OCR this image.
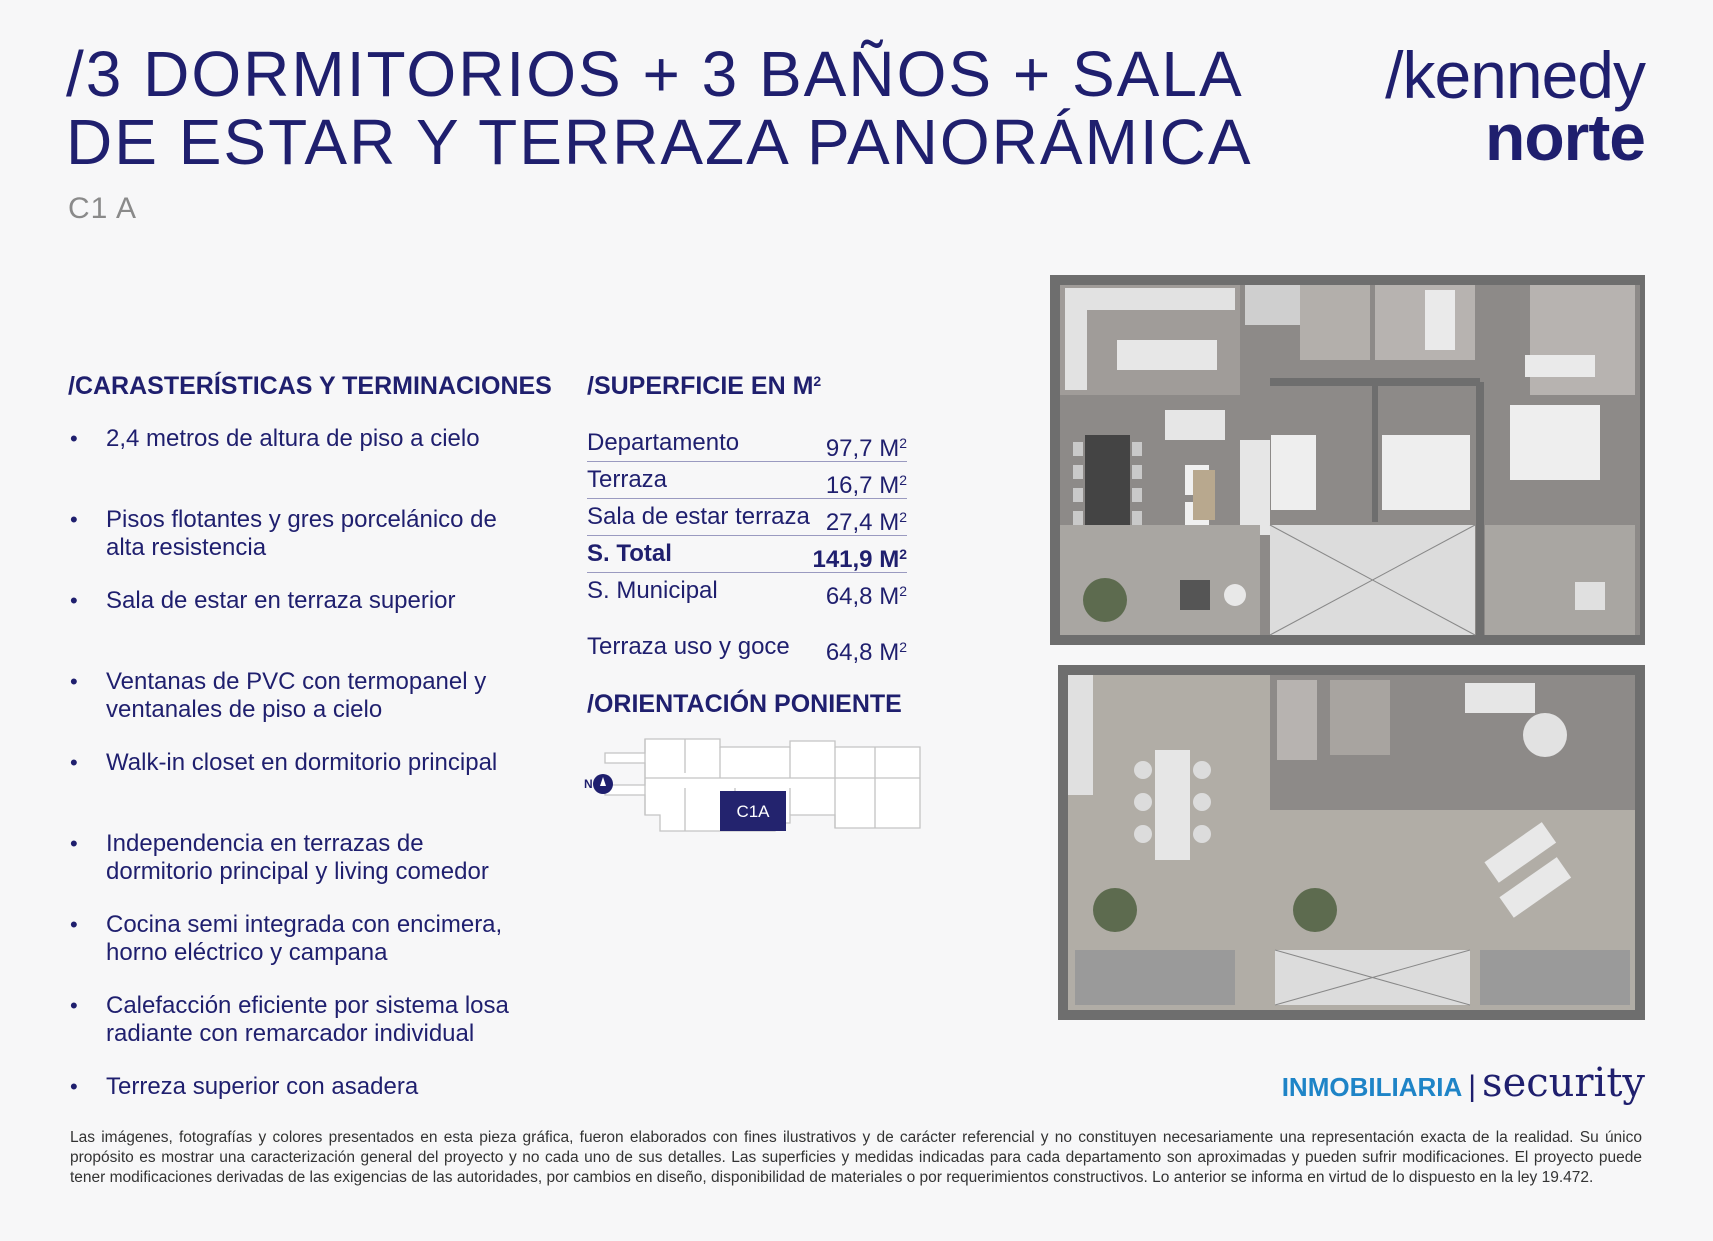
/3 DORMITORIOS + 3 BAÑOS + SALA
DE ESTAR Y TERRAZA PANORÁMICA
C1 A
/kennedy
norte
/CARASTERÍSTICAS Y TERMINACIONES
• 2,4 metros de altura de piso a cielo
• Pisos flotantes y gres porcelánico de
alta resistencia
• Sala de estar en terraza superior
• Ventanas de PVC con termopanel y
ventanales de piso a cielo
• Walk-in closet en dormitorio principal
• Independencia en terrazas de
dormitorio principal y living comedor
• Cocina semi integrada con encimera,
horno eléctrico y campana
• Calefacción eficiente por sistema losa
radiante con remarcador individual
• Terreza superior con asadera
/SUPERFICIE EN $M^2$
Departamento	97,7 $M^2$
Terraza	16,7 $M^2$
Sala de estar terraza 27,4 $M^2$
S. Total	141,9 $M^2$
S. Municipal	64,8 $M^2$
Terraza uso y goce 64,8 $M^2$
/ORIENTACIÓN PONIENTE
C1A
N
INMOBILIARIA | security
Las imágenes, fotografías y colores presentados en esta pieza gráfica, fueron elaborados con fines ilustrativos y de carácter referencial y no constituyen necesariamente una representación exacta de la realidad. Su único propósito es mostrar una caracterización general del proyecto y no cada uno de sus detalles. Las superficies y medidas indicadas para cada departamento son aproximadas y pueden sufrir modificaciones. El proyecto puede tener modificaciones derivadas de las exigencias de las autoridades, por cambios en diseño, disponibilidad de materiales o por requerimientos constructivos. Lo anterior se informa en virtud de lo dispuesto en la ley 19.472.
